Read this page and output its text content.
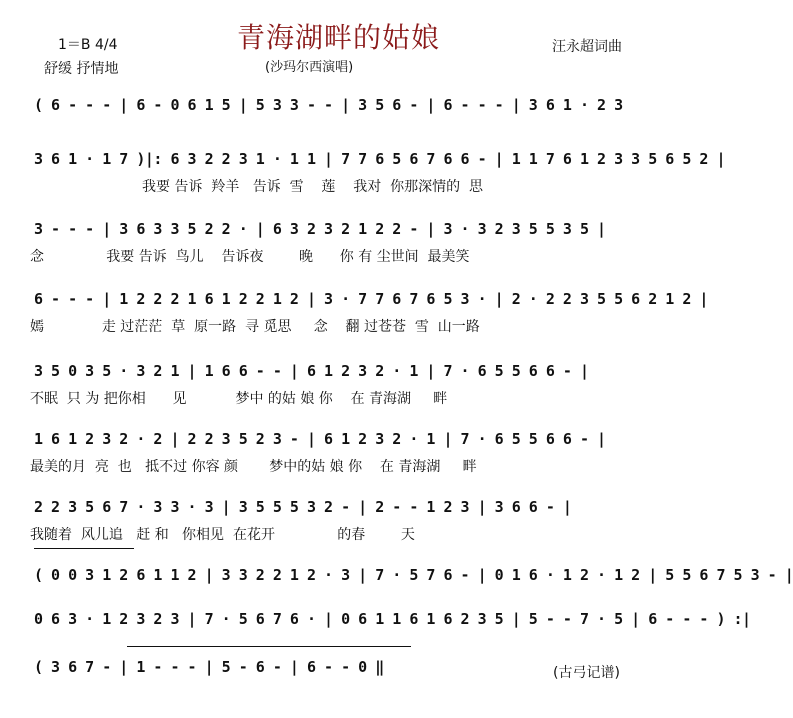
青海湖畔的姑娘
1＝B 4/4
舒缓 抒情地
汪永超词曲
(沙玛尔西演唱)
( 6 - - - | 6 - 0 6 1 5 | 5 3 3 - - | 3 5 6 - | 6 - - - | 3 6 1 · 2 3
3 6 1 · 1 7 )|: 6 3 2 2 3 1 · 1 1 | 7 7 6 5 6 7 6 6 - | 1 1 7 6 1 2 3 3 5 6 5 2 |
我要 告诉  羚羊   告诉  雪    莲    我对  你那深情的  思
3 - - - | 3 6 3 3 5 2 2 · | 6 3 2 3 2 1 2 2 - | 3 · 3 2 3 5 5 3 5 |
念              我要 告诉  鸟儿    告诉夜        晚      你 有 尘世间  最美笑
6 - - - | 1 2 2 2 1 6 1 2 2 1 2 | 3 · 7 7 6 7 6 5 3 · | 2 · 2 2 3 5 5 6 2 1 2 |
嫣             走 过茫茫  草  原一路  寻 觅思     念    翻 过苍苍  雪  山一路
3 5 0 3 5 · 3 2 1 | 1 6 6 - - | 6 1 2 3 2 · 1 | 7 · 6 5 5 6 6 - |
不眠  只 为 把你相      见           梦中 的姑 娘 你    在 青海湖     畔
1 6 1 2 3 2 · 2 | 2 2 3 5 2 3 - | 6 1 2 3 2 · 1 | 7 · 6 5 5 6 6 - |
最美的月  亮  也   抵不过 你容 颜       梦中的姑 娘 你    在 青海湖     畔
2 2 3 5 6 7 · 3 3 · 3 | 3 5 5 5 3 2 - | 2 - - 1 2 3 | 3 6 6 - |
我随着  风儿追   赶 和   你相见  在花开              的春        天
( 0 0 3 1 2 6 1 1 2 | 3 3 2 2 1 2 · 3 | 7 · 5 7 6 - | 0 1 6 · 1 2 · 1 2 | 5 5 6 7 5 3 - |
0 6 3 · 1 2 3 2 3 | 7 · 5 6 7 6 · | 0 6 1 1 6 1 6 2 3 5 | 5 - - 7 · 5 | 6 - - - ) :|
( 3 6 7 - | 1 - - - | 5 - 6 - | 6 - - 0 ‖	(古弓记谱)
